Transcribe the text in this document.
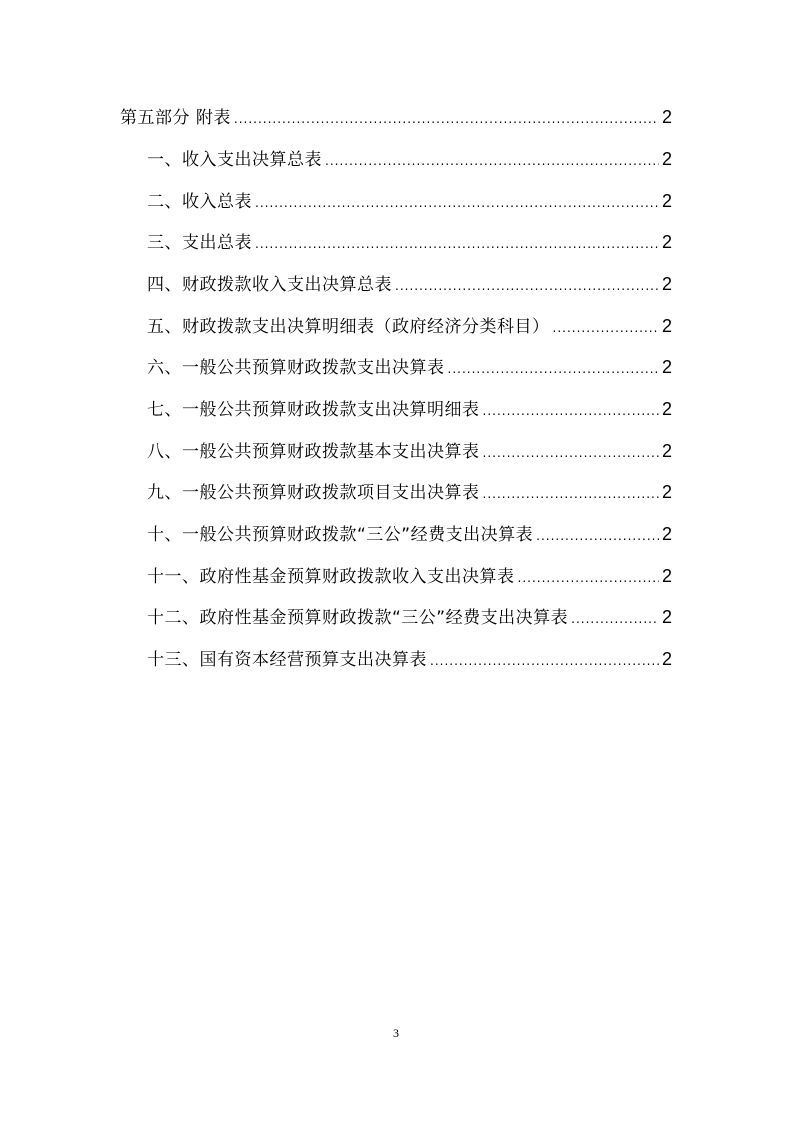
第五部分 附表 .....	2
一、收入支出决算总表 .....	2
二、收入总表 .....	2
三、支出总表 .....	2
四、财政拨款收入支出决算总表 .....	2
五、财政拨款支出决算明细表（政府经济分类科目） .....	2
六、一般公共预算财政拨款支出决算表 .....	2
七、一般公共预算财政拨款支出决算明细表 .....	2
八、一般公共预算财政拨款基本支出决算表 .....	2
九、一般公共预算财政拨款项目支出决算表 .....	2
十、一般公共预算财政拨款“三公”经费支出决算表 .....	2
十一、政府性基金预算财政拨款收入支出决算表 .....	2
十二、政府性基金预算财政拨款“三公”经费支出决算表 .....	2
十三、国有资本经营预算支出决算表 .....	2
3
